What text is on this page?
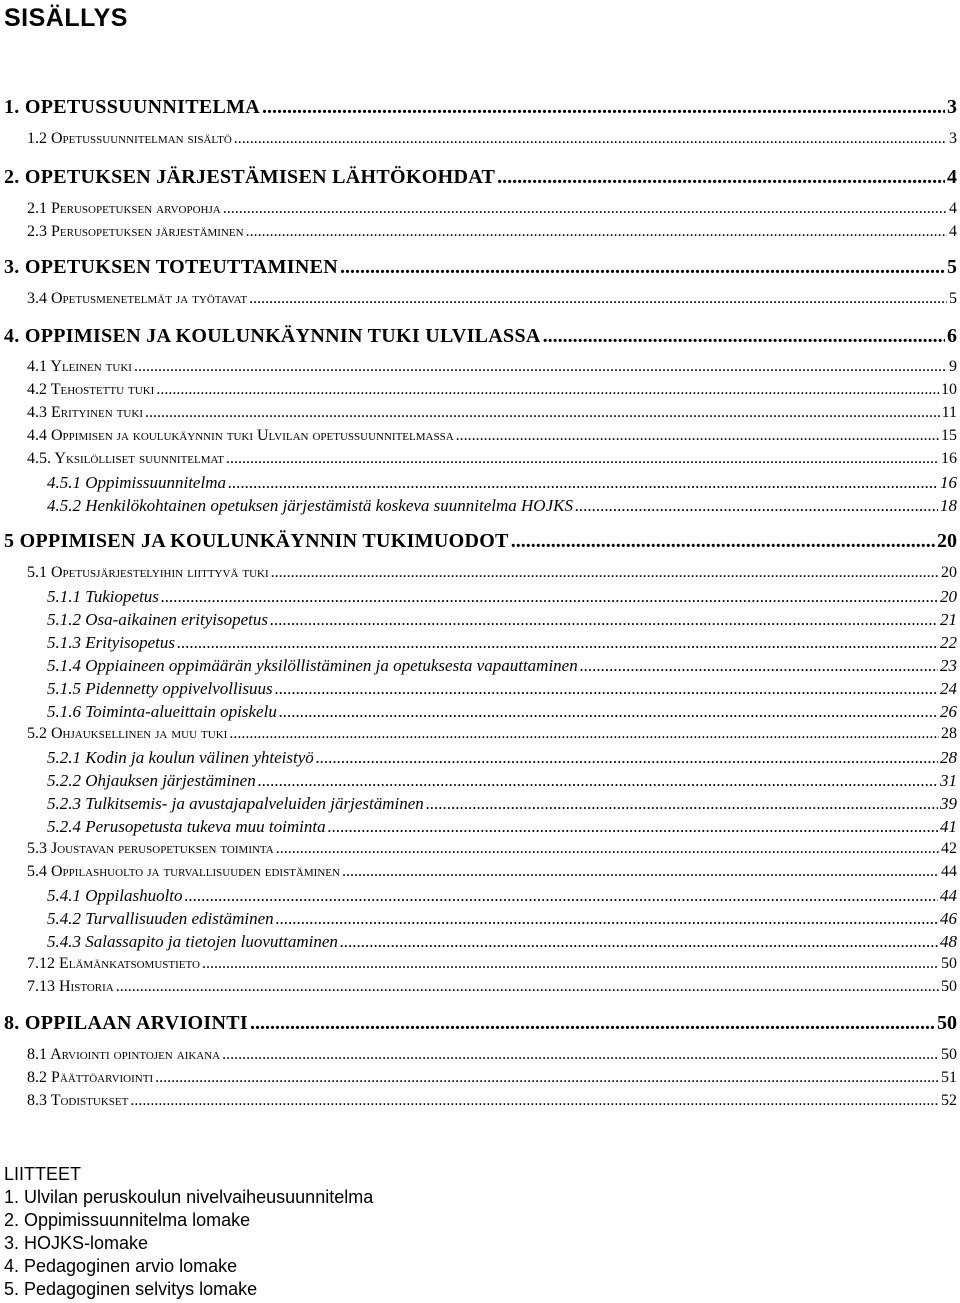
SISÄLLYS
1. OPETUSSUUNNITELMA .....	3
1.2 Opetussuunnitelman sisältö .....	3
2. OPETUKSEN JÄRJESTÄMISEN LÄHTÖKOHDAT .....	4
2.1 Perusopetuksen arvopohja .....	4
2.3 Perusopetuksen järjestäminen .....	4
3. OPETUKSEN TOTEUTTAMINEN .....	5
3.4 Opetusmenetelmät ja työtavat .....	5
4. OPPIMISEN JA KOULUNKÄYNNIN TUKI ULVILASSA .....	6
4.1 Yleinen tuki .....	9
4.2 Tehostettu tuki .....	10
4.3 Erityinen tuki .....	11
4.4 Oppimisen ja koulukäynnin tuki Ulvilan opetussuunnitelmassa .....	15
4.5. Yksilölliset suunnitelmat .....	16
4.5.1 Oppimissuunnitelma .....	16
4.5.2 Henkilökohtainen opetuksen järjestämistä koskeva suunnitelma HOJKS .....	18
5 OPPIMISEN JA KOULUNKÄYNNIN TUKIMUODOT .....	20
5.1 Opetusjärjestelyihin liittyvä tuki .....	20
5.1.1 Tukiopetus .....	20
5.1.2 Osa-aikainen erityisopetus .....	21
5.1.3 Erityisopetus .....	22
5.1.4 Oppiaineen oppimäärän yksilöllistäminen ja opetuksesta vapauttaminen .....	23
5.1.5 Pidennetty oppivelvollisuus .....	24
5.1.6 Toiminta-alueittain opiskelu .....	26
5.2 Ohjauksellinen ja muu tuki .....	28
5.2.1 Kodin ja koulun välinen yhteistyö .....	28
5.2.2 Ohjauksen järjestäminen .....	31
5.2.3 Tulkitsemis- ja avustajapalveluiden järjestäminen .....	39
5.2.4 Perusopetusta tukeva muu toiminta .....	41
5.3 Joustavan perusopetuksen toiminta .....	42
5.4 Oppilashuolto ja turvallisuuden edistäminen .....	44
5.4.1 Oppilashuolto .....	44
5.4.2 Turvallisuuden edistäminen .....	46
5.4.3 Salassapito ja tietojen luovuttaminen .....	48
7.12 Elämänkatsomustieto .....	50
7.13 Historia .....	50
8. OPPILAAN ARVIOINTI .....	50
8.1 Arviointi opintojen aikana .....	50
8.2 Päättöarviointi .....	51
8.3 Todistukset .....	52
LIITTEET
1. Ulvilan peruskoulun nivelvaiheusuunnitelma
2. Oppimissuunnitelma lomake
3. HOJKS-lomake
4. Pedagoginen arvio lomake
5. Pedagoginen selvitys lomake
